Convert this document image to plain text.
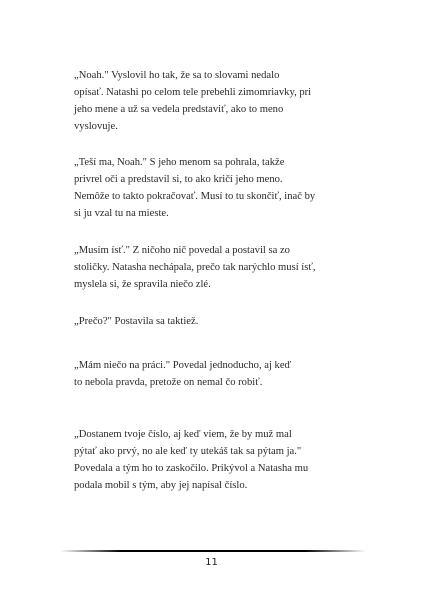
„Noah." Vyslovil ho tak, že sa to slovami nedalo
opísať. Natashi po celom tele prebehli zimomriavky, pri
jeho mene a už sa vedela predstaviť, ako to meno
vyslovuje.

„Teší ma, Noah." S jeho menom sa pohrala, takže
privrel oči a predstavil si, to ako kričí jeho meno.
Nemôže to takto pokračovať. Musí to tu skončiť, inač by
si ju vzal tu na mieste.

„Musím ísť." Z ničoho nič povedal a postavil sa zo
stoličky. Natasha nechápala, prečo tak narýchlo musí ísť,
myslela si, že spravila niečo zlé.

„Prečo?" Postavila sa taktiež.

„Mám niečo na práci." Povedal jednoducho, aj keď
to nebola pravda, pretože on nemal čo robiť.

„Dostanem tvoje číslo, aj keď viem, že by muž mal
pýtať ako prvý, no ale keď ty utekáš tak sa pýtam ja."
Povedala a tým ho to zaskočilo. Prikývol a Natasha mu
podala mobil s tým, aby jej napísal číslo.

11
